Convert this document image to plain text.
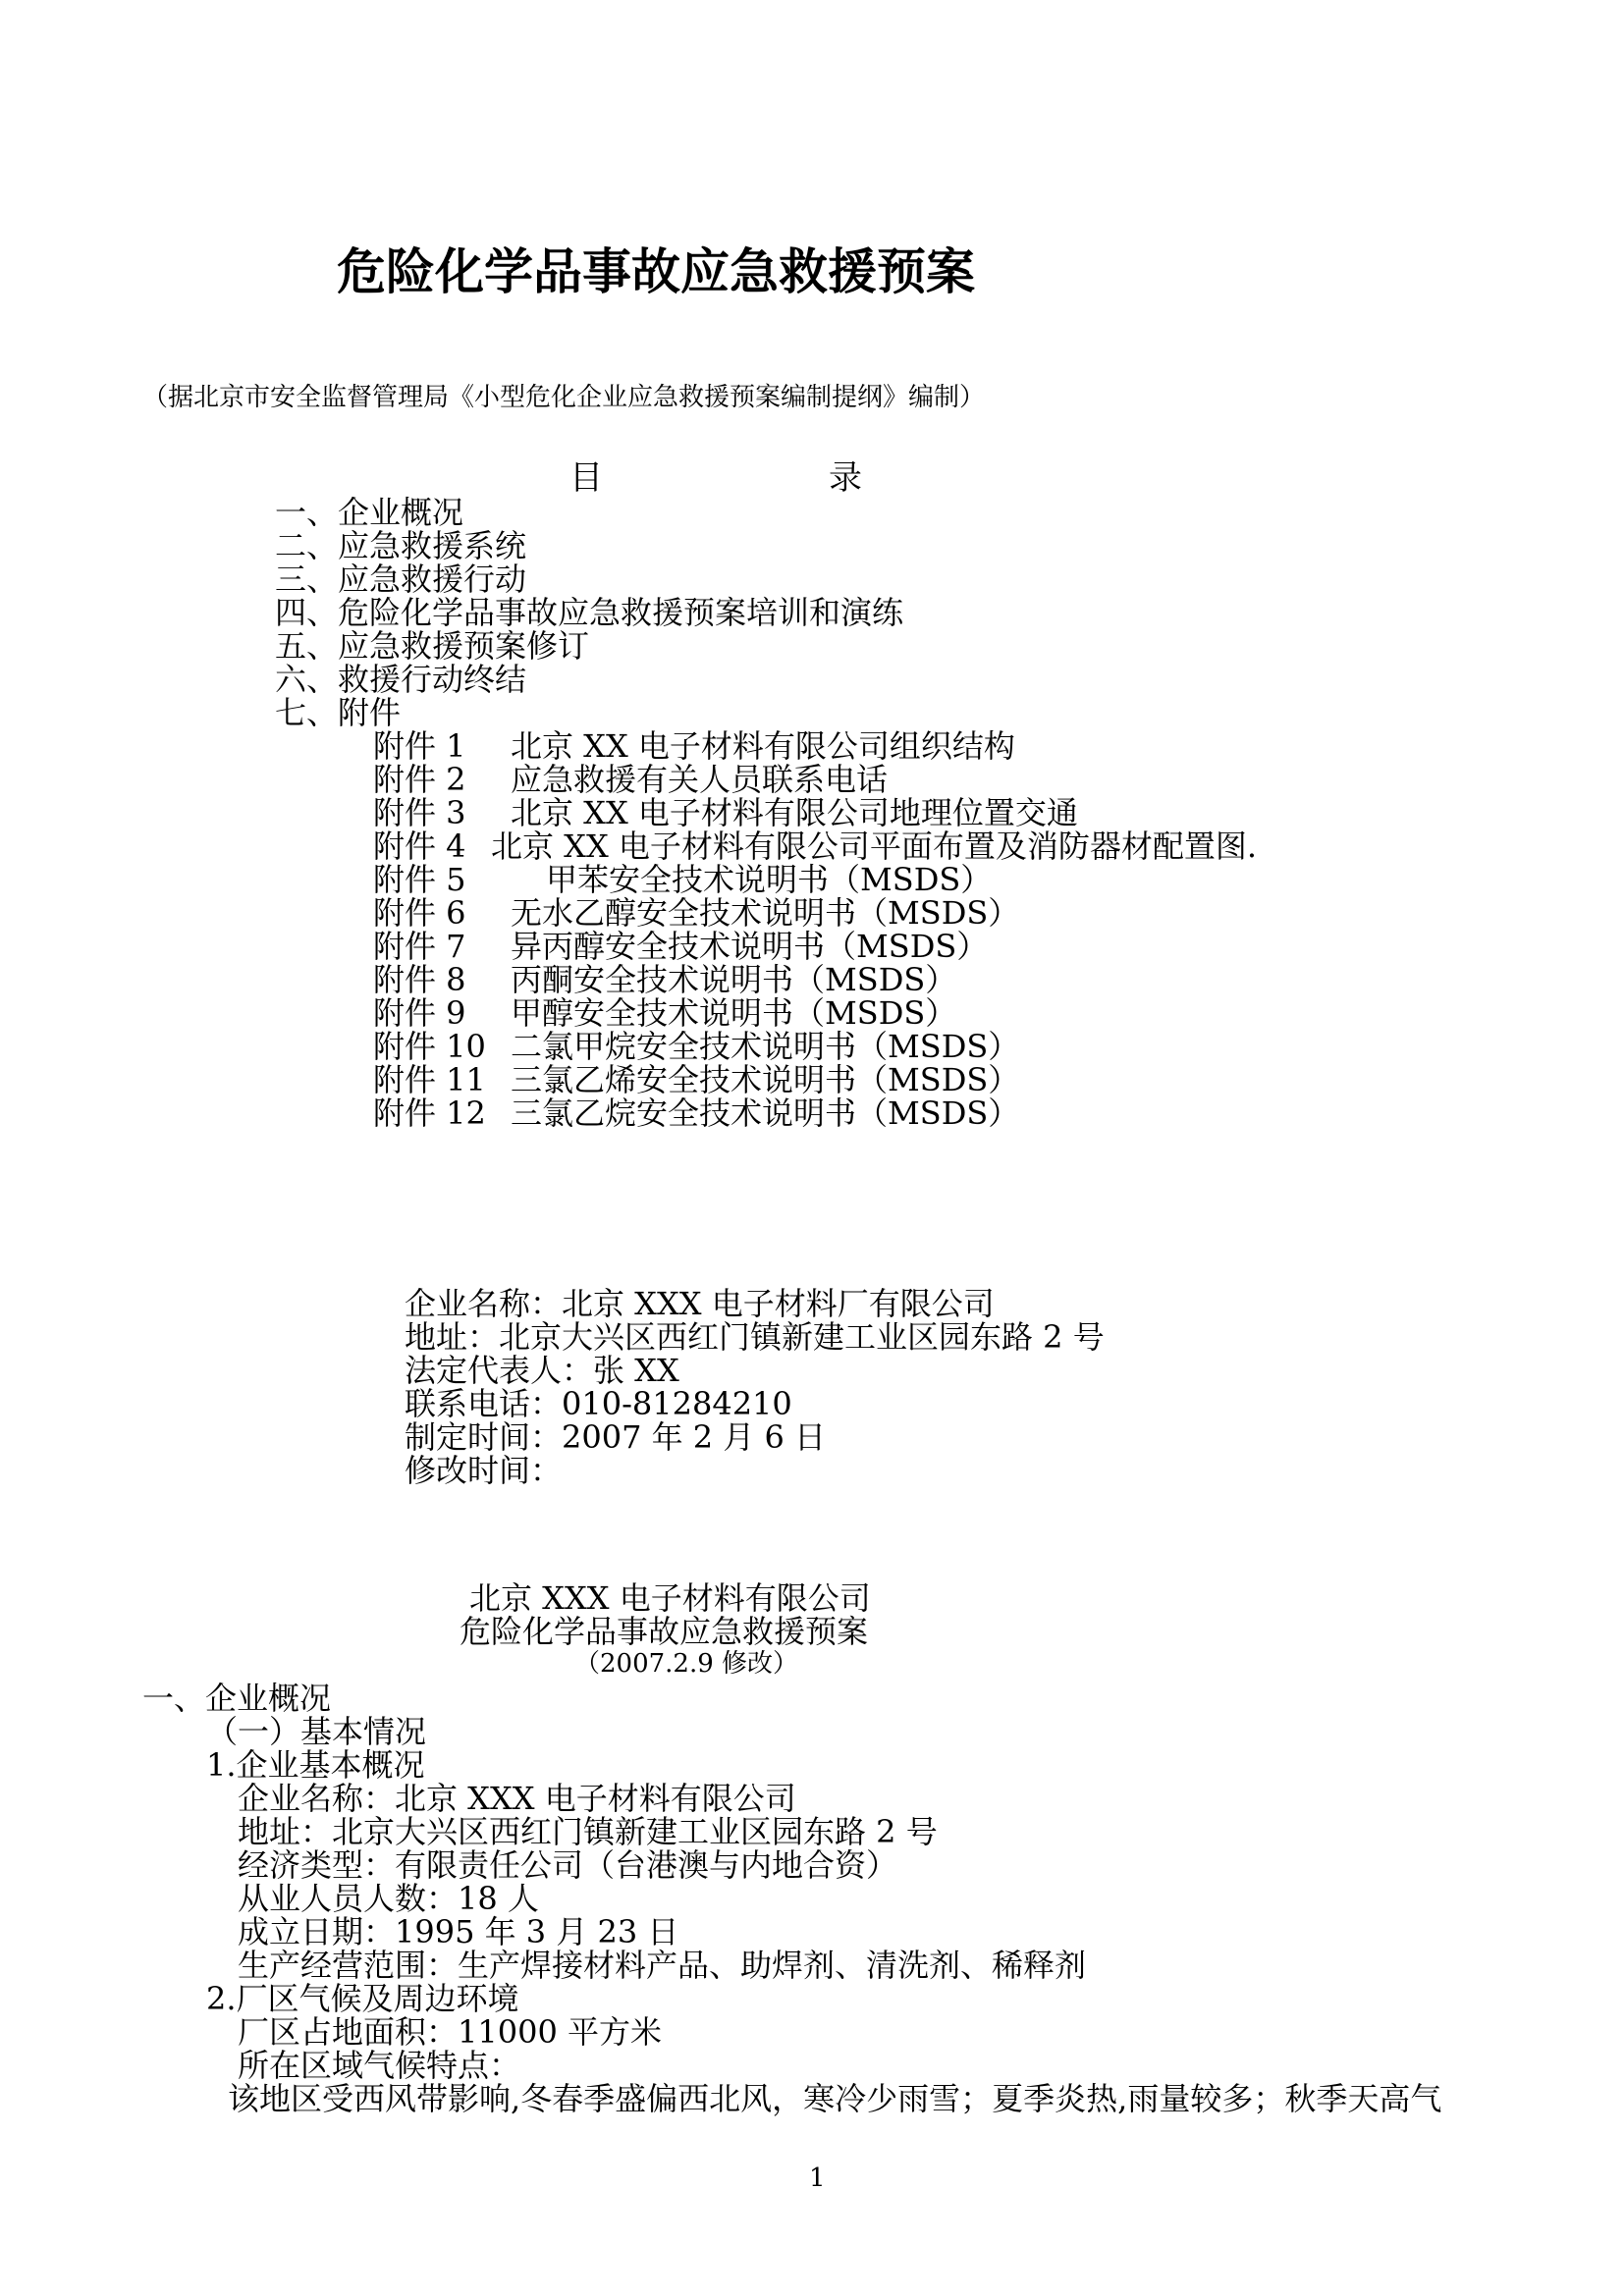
危险化学品事故应急救援预案
（据北京市安全监督管理局《小型危化企业应急救援预案编制提纲》编制）
目	录
一、企业概况
二、应急救援系统
三、应急救援行动
四、危险化学品事故应急救援预案培训和演练
五、应急救援预案修订
六、救援行动终结
七、附件
附件 1 北京 XX 电子材料有限公司组织结构
附件 2 应急救援有关人员联系电话
附件 3 北京 XX 电子材料有限公司地理位置交通
附件 4 北京 XX 电子材料有限公司平面布置及消防器材配置图.
附件 5	甲苯安全技术说明书（MSDS）
附件 6 无水乙醇安全技术说明书（MSDS）
附件 7 异丙醇安全技术说明书（MSDS）
附件 8 丙酮安全技术说明书（MSDS）
附件 9 甲醇安全技术说明书（MSDS）
附件 10 二氯甲烷安全技术说明书（MSDS）
附件 11 三氯乙烯安全技术说明书（MSDS）
附件 12 三氯乙烷安全技术说明书（MSDS）
企业名称：北京 XXX 电子材料厂有限公司
地址：北京大兴区西红门镇新建工业区园东路 2 号
法定代表人：张 XX
联系电话：010-81284210
制定时间：2007 年 2 月 6 日
修改时间：
北京 XXX 电子材料有限公司
危险化学品事故应急救援预案
（2007.2.9 修改）
一、企业概况
（一）基本情况
1.企业基本概况
企业名称：北京 XXX 电子材料有限公司
地址：北京大兴区西红门镇新建工业区园东路 2 号
经济类型：有限责任公司（台港澳与内地合资）
从业人员人数：18 人
成立日期：1995 年 3 月 23 日
生产经营范围：生产焊接材料产品、助焊剂、清洗剂、稀释剂
2.厂区气候及周边环境
厂区占地面积：11000 平方米
所在区域气候特点：
该地区受西风带影响,冬春季盛偏西北风，寒冷少雨雪；夏季炎热,雨量较多；秋季天高气
1
